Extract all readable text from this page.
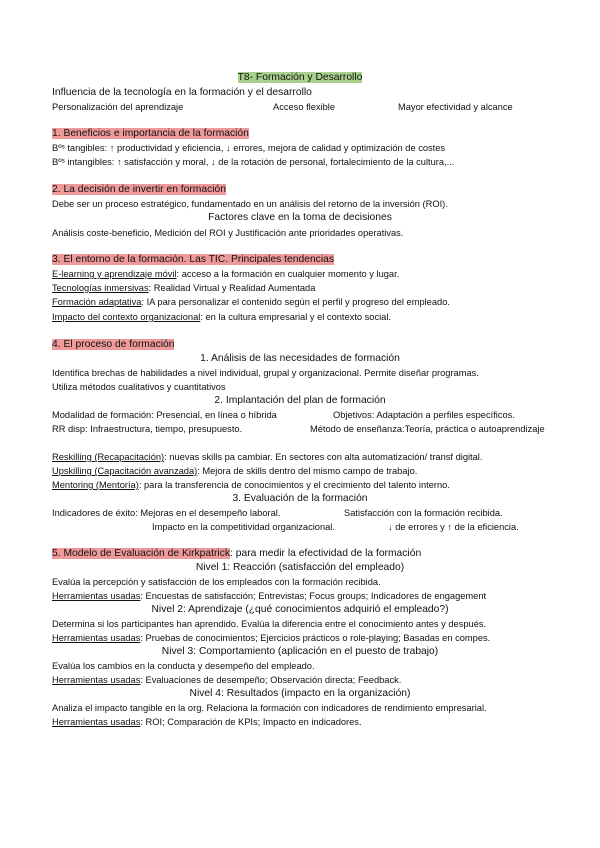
T8- Formación y Desarrollo
Influencia de la tecnología en la formación y el desarrollo
Personalización del aprendizaje	Acceso flexible	Mayor efectividad y alcance
1. Beneficios e importancia de la formación
Bºˢ tangibles: ↑ productividad y eficiencia, ↓ errores, mejora de calidad y optimización de costes
Bºˢ intangibles: ↑ satisfacción y moral, ↓ de la rotación de personal, fortalecimiento de la cultura,...
2. La decisión de invertir en formación
Debe ser un proceso estratégico, fundamentado en un análisis del retorno de la inversión (ROI).
Factores clave en la toma de decisiones
Análisis coste-beneficio, Medición del ROI y Justificación ante prioridades operativas.
3. El entorno de la formación. Las TIC. Principales tendencias
E-learning y aprendizaje móvil: acceso a la formación en cualquier momento y lugar.
Tecnologías inmersivas: Realidad Virtual y Realidad Aumentada
Formación adaptativa: IA para personalizar el contenido según el perfil y progreso del empleado.
Impacto del contexto organizacional: en la cultura empresarial y el contexto social.
4. El proceso de formación
1. Análisis de las necesidades de formación
Identifica brechas de habilidades a nivel individual, grupal y organizacional. Permite diseñar programas.
Utiliza métodos cualitativos y cuantitativos
2. Implantación del plan de formación
Modalidad de formación: Presencial, en línea o híbrida	Objetivos: Adaptación a perfiles específicos.
RR disp: Infraestructura, tiempo, presupuesto.	Método de enseñanza:Teoría, práctica o autoaprendizaje
Reskilling (Recapacitación): nuevas skills pa cambiar. En sectores con alta automatización/ transf digital.
Upskilling (Capacitación avanzada): Mejora de skills dentro del mismo campo de trabajo.
Mentoring (Mentoría): para la transferencia de conocimientos y el crecimiento del talento interno.
3. Evaluación de la formación
Indicadores de éxito: Mejoras en el desempeño laboral.	Satisfacción con la formación recibida.
Impacto en la competitividad organizacional.	↓ de errores y ↑ de la eficiencia.
5. Modelo de Evaluación de Kirkpatrick: para medir la efectividad de la formación
Nivel 1: Reacción (satisfacción del empleado)
Evalúa la percepción y satisfacción de los empleados con la formación recibida.
Herramientas usadas: Encuestas de satisfacción; Entrevistas; Focus groups; Indicadores de engagement
Nivel 2: Aprendizaje (¿qué conocimientos adquirió el empleado?)
Determina si los participantes han aprendido. Evalúa la diferencia entre el conocimiento antes y después.
Herramientas usadas: Pruebas de conocimientos; Ejercicios prácticos o role-playing; Basadas en compes.
Nivel 3: Comportamiento (aplicación en el puesto de trabajo)
Evalúa los cambios en la conducta y desempeño del empleado.
Herramientas usadas: Evaluaciones de desempeño; Observación directa; Feedback.
Nivel 4: Resultados (impacto en la organización)
Analiza el impacto tangible en la org. Relaciona la formación con indicadores de rendimiento empresarial.
Herramientas usadas: ROI; Comparación de KPIs; Impacto en indicadores.
